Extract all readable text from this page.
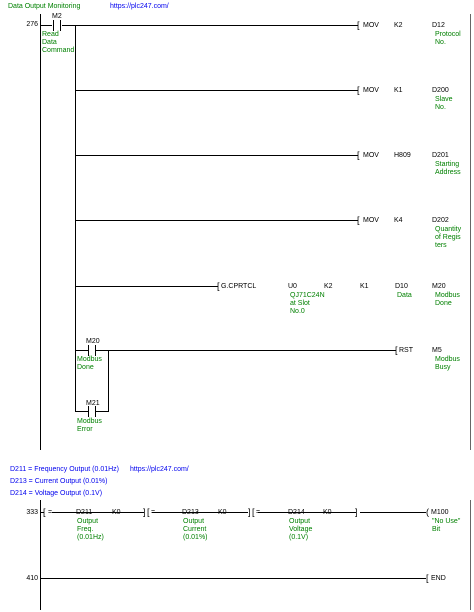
Data Output Monitoring	https://plc247.com/
276
M2
Read
Data
Command
[ MOV K2	D12
Protocol
No.
[ MOV K1	D200
Slave
No.
[ MOV H809	D201
Starting
Address
[ MOV K4	D202
Quantity
of Regis
ters
[ G.CPRTCL	U0
QJ71C24N
at Slot
No.0
K2	K1	D10
Data
M20
Modbus
Done
M20
Modbus
Done
M21
Modbus
Error
[ RST	M5
Modbus
Busy
D211 = Frequency Output (0.01Hz) https://plc247.com/
D213 = Current Output (0.01%)
D214 = Voltage Output (0.1V)
333 [ =	D211
Output
Freq.
(0.01Hz)
K0 ] [ =	D213
Output
Current
(0.01%)
K0 ] [ =	D214
Output
Voltage
(0.1V)
K0	]	( M100
"No Use"
Bit
410	[ END
